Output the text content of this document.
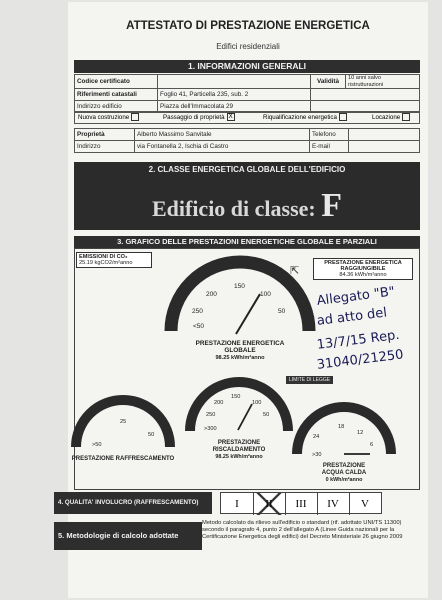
ATTESTATO DI PRESTAZIONE ENERGETICA
Edifici residenziali
1. INFORMAZIONI GENERALI
Codice certificato		Validità	10 anni salvo ristrutturazioni
Riferimenti catastali	Foglio 41, Particella 235, sub. 2		
Indirizzo edificio	Piazza dell'Immacolata 29		
Nuova costruzione	Passaggio di proprietà X	Riqualificazione energetica	Locazione
Proprietà	Alberto Massimo Sanvitale	Telefono	
Indirizzo	via Fontanella 2, Ischia di Castro	E-mail	
2. CLASSE ENERGETICA GLOBALE DELL'EDIFICIO
Edificio di classe: F
3. GRAFICO DELLE PRESTAZIONI ENERGETICHE GLOBALE E PARZIALI
EMISSIONI DI CO₂
25.19 kgCO2/m²anno	PRESTAZIONE ENERGETICA RAGGIUNGIBILE
84.36 kWh/m²anno
⇱
<50
250
200
150
100
50
PRESTAZIONE ENERGETICA
GLOBALE
98.25 kWh/m²anno
>50
25
50
PRESTAZIONE RAFFRESCAMENTO
>300
250
200
150
100
50
PRESTAZIONE
RISCALDAMENTO
98.25 kWh/m²anno	>30
24
18
12
6
PRESTAZIONE
ACQUA CALDA
0 kWh/m²anno
LIMITE DI LEGGE
Allegato "B"
ad atto del
13/7/15 Rep.
31040/21250
4. QUALITA' INVOLUCRO (RAFFRESCAMENTO)	I	II	III	IV	V
5. Metodologie di calcolo adottate
Metodo calcolato da rilievo sull'edificio o standard (rif. adottato UNI/TS 11300) secondo il paragrafo 4, punto 2 dell'allegato A (Linee Guida nazionali per la Certificazione Energetica degli edifici) del Decreto Ministeriale 26 giugno 2009
